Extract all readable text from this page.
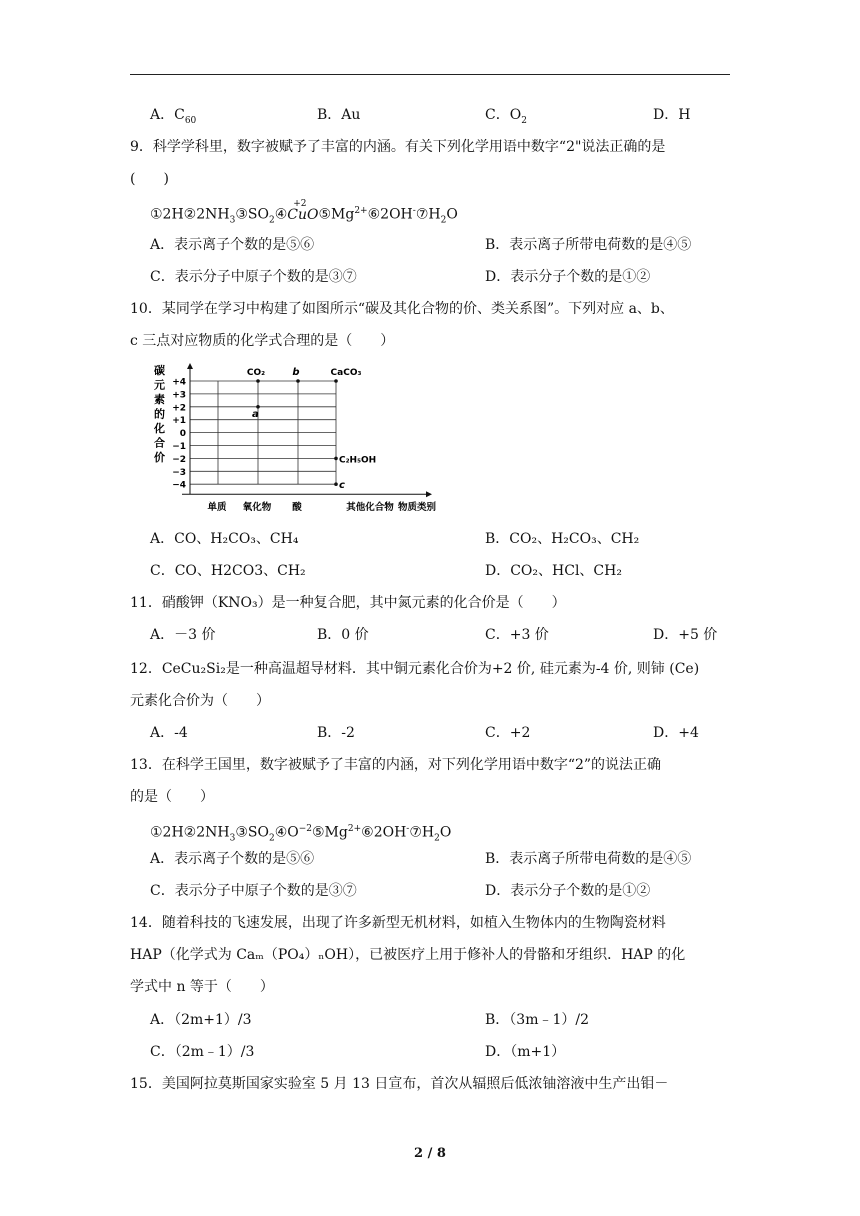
A．$C_{60}$	B．Au	C．$O_2$	D．H
9．科学学科里，数字被赋予了丰富的内涵。有关下列化学用语中数字“2"说法正确的是
(　　)
$①2H②2NH_3③SO_2④$
+2
$CuO⑤Mg^{2+}⑥2OH^-⑦H_2O$
A．表示离子个数的是⑤⑥	B．表示离子所带电荷数的是④⑤
C．表示分子中原子个数的是③⑦	D．表示分子个数的是①②
10．某同学在学习中构建了如图所示“碳及其化合物的价、类关系图”。下列对应 a、b、
c 三点对应物质的化学式合理的是（　　）
碳元素的化合价
+4
+3
+2
+1
0
−1
−2
−3
−4
CO₂	b	CaCO₃
a
C₂H₅OH
c
单质 氧化物 酸	其他化合物 物质类别
A．CO、H₂CO₃、CH₄	B．CO₂、H₂CO₃、CH₂
C．CO、H2CO3、CH₂	D．CO₂、HCl、CH₂
11．硝酸钾（KNO₃）是一种复合肥，其中氮元素的化合价是（　　）
A．－3 价	B．0 价	C．+3 价	D．+5 价
12．CeCu₂Si₂是一种高温超导材料．其中铜元素化合价为+2 价, 硅元素为-4 价, 则铈 (Ce)
元素化合价为（　　）
A．-4	B．-2	C．+2	D．+4
13．在科学王国里，数字被赋予了丰富的内涵，对下列化学用语中数字“2”的说法正确
的是（　　）
$①2H②2NH_3③SO_2④O^{-2}⑤Mg^{2+}⑥2OH^-⑦H_2O$
A．表示离子个数的是⑤⑥	B．表示离子所带电荷数的是④⑤
C．表示分子中原子个数的是③⑦	D．表示分子个数的是①②
14．随着科技的飞速发展，出现了许多新型无机材料，如植入生物体内的生物陶瓷材料
HAP（化学式为 Caₘ（PO₄）ₙOH），已被医疗上用于修补人的骨骼和牙组织．HAP 的化
学式中 n 等于（　　）
A．（2m+1）/3	B．（3m﹣1）/2
C．（2m﹣1）/3	D．（m+1）
15．美国阿拉莫斯国家实验室 5 月 13 日宣布，首次从辐照后低浓铀溶液中生产出钼－
2 / 8
